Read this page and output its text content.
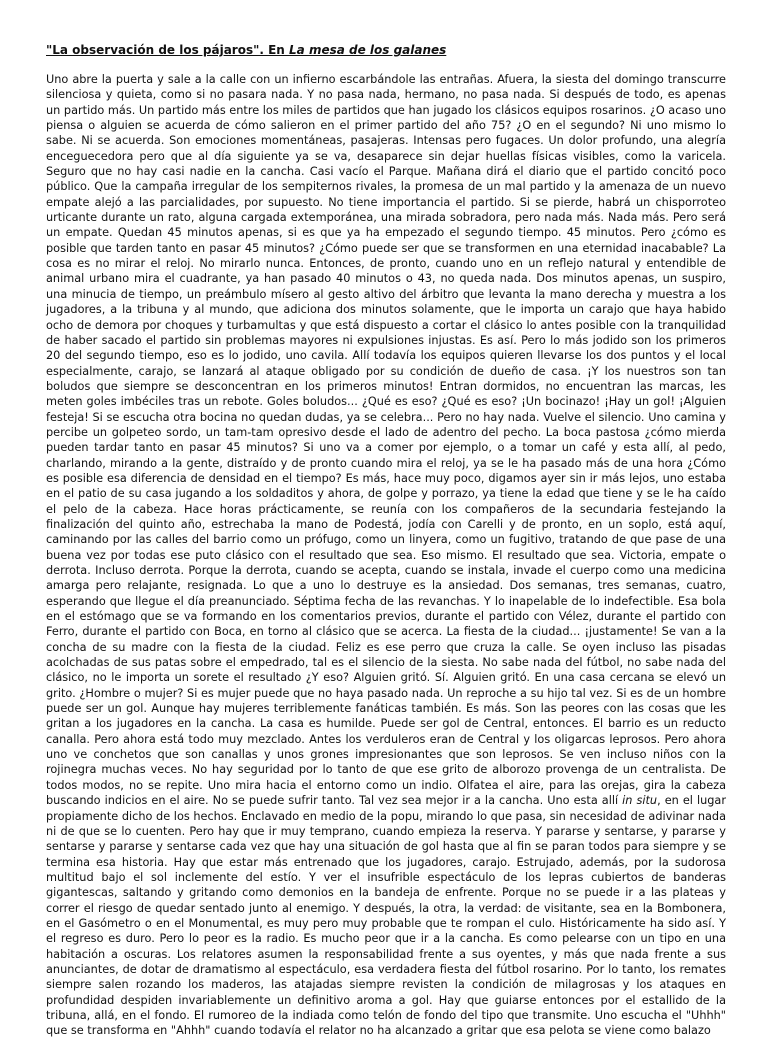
"La observación de los pájaros". En La mesa de los galanes

Uno abre la puerta y sale a la calle con un infierno escarbándole las entrañas. Afuera, la siesta del domingo transcurre silenciosa y quieta, como si no pasara nada. Y no pasa nada, hermano, no pasa nada. Si después de todo, es apenas un partido más. Un partido más entre los miles de partidos que han jugado los clásicos equipos rosarinos. ¿O acaso uno piensa o alguien se acuerda de cómo salieron en el primer partido del año 75? ¿O en el segundo? Ni uno mismo lo sabe. Ni se acuerda. Son emociones momentáneas, pasajeras. Intensas pero fugaces. Un dolor profundo, una alegría enceguecedora pero que al día siguiente ya se va, desaparece sin dejar huellas físicas visibles, como la varicela. Seguro que no hay casi nadie en la cancha. Casi vacío el Parque. Mañana dirá el diario que el partido concitó poco público. Que la campaña irregular de los sempiternos rivales, la promesa de un mal partido y la amenaza de un nuevo empate alejó a las parcialidades, por supuesto. No tiene importancia el partido. Si se pierde, habrá un chisporroteo urticante durante un rato, alguna cargada extemporánea, una mirada sobradora, pero nada más. Nada más. Pero será un empate. Quedan 45 minutos apenas, si es que ya ha empezado el segundo tiempo. 45 minutos. Pero ¿cómo es posible que tarden tanto en pasar 45 minutos? ¿Cómo puede ser que se transformen en una eternidad inacabable? La cosa es no mirar el reloj. No mirarlo nunca. Entonces, de pronto, cuando uno en un reflejo natural y entendible de animal urbano mira el cuadrante, ya han pasado 40 minutos o 43, no queda nada. Dos minutos apenas, un suspiro, una minucia de tiempo, un preámbulo mísero al gesto altivo del árbitro que levanta la mano derecha y muestra a los jugadores, a la tribuna y al mundo, que adiciona dos minutos solamente, que le importa un carajo que haya habido ocho de demora por choques y turbamultas y que está dispuesto a cortar el clásico lo antes posible con la tranquilidad de haber sacado el partido sin problemas mayores ni expulsiones injustas. Es así. Pero lo más jodido son los primeros 20 del segundo tiempo, eso es lo jodido, uno cavila. Allí todavía los equipos quieren llevarse los dos puntos y el local especialmente, carajo, se lanzará al ataque obligado por su condición de dueño de casa. ¡Y los nuestros son tan boludos que siempre se desconcentran en los primeros minutos! Entran dormidos, no encuentran las marcas, les meten goles imbéciles tras un rebote. Goles boludos... ¿Qué es eso? ¿Qué es eso? ¡Un bocinazo! ¡Hay un gol! ¡Alguien festeja! Si se escucha otra bocina no quedan dudas, ya se celebra... Pero no hay nada. Vuelve el silencio. Uno camina y percibe un golpeteo sordo, un tam-tam opresivo desde el lado de adentro del pecho. La boca pastosa ¿cómo mierda pueden tardar tanto en pasar 45 minutos? Si uno va a comer por ejemplo, o a tomar un café y esta allí, al pedo, charlando, mirando a la gente, distraído y de pronto cuando mira el reloj, ya se le ha pasado más de una hora ¿Cómo es posible esa diferencia de densidad en el tiempo? Es más, hace muy poco, digamos ayer sin ir más lejos, uno estaba en el patio de su casa jugando a los soldaditos y ahora, de golpe y porrazo, ya tiene la edad que tiene y se le ha caído el pelo de la cabeza. Hace horas prácticamente, se reunía con los compañeros de la secundaria festejando la finalización del quinto año, estrechaba la mano de Podestá, jodía con Carelli y de pronto, en un soplo, está aquí, caminando por las calles del barrio como un prófugo, como un linyera, como un fugitivo, tratando de que pase de una buena vez por todas ese puto clásico con el resultado que sea. Eso mismo. El resultado que sea. Victoria, empate o derrota. Incluso derrota. Porque la derrota, cuando se acepta, cuando se instala, invade el cuerpo como una medicina amarga pero relajante, resignada. Lo que a uno lo destruye es la ansiedad. Dos semanas, tres semanas, cuatro, esperando que llegue el día preanunciado. Séptima fecha de las revanchas. Y lo inapelable de lo indefectible. Esa bola en el estómago que se va formando en los comentarios previos, durante el partido con Vélez, durante el partido con Ferro, durante el partido con Boca, en torno al clásico que se acerca. La fiesta de la ciudad... ¡justamente! Se van a la concha de su madre con la fiesta de la ciudad. Feliz es ese perro que cruza la calle. Se oyen incluso las pisadas acolchadas de sus patas sobre el empedrado, tal es el silencio de la siesta. No sabe nada del fútbol, no sabe nada del clásico, no le importa un sorete el resultado ¿Y eso? Alguien gritó. Sí. Alguien gritó. En una casa cercana se elevó un grito. ¿Hombre o mujer? Si es mujer puede que no haya pasado nada. Un reproche a su hijo tal vez. Si es de un hombre puede ser un gol. Aunque hay mujeres terriblemente fanáticas también. Es más. Son las peores con las cosas que les gritan a los jugadores en la cancha. La casa es humilde. Puede ser gol de Central, entonces. El barrio es un reducto canalla. Pero ahora está todo muy mezclado. Antes los verduleros eran de Central y los oligarcas leprosos. Pero ahora uno ve conchetos que son canallas y unos grones impresionantes que son leprosos. Se ven incluso niños con la rojinegra muchas veces. No hay seguridad por lo tanto de que ese grito de alborozo provenga de un centralista. De todos modos, no se repite. Uno mira hacia el entorno como un indio. Olfatea el aire, para las orejas, gira la cabeza buscando indicios en el aire. No se puede sufrir tanto. Tal vez sea mejor ir a la cancha. Uno esta allí in situ, en el lugar propiamente dicho de los hechos. Enclavado en medio de la popu, mirando lo que pasa, sin necesidad de adivinar nada ni de que se lo cuenten. Pero hay que ir muy temprano, cuando empieza la reserva. Y pararse y sentarse, y pararse y sentarse y pararse y sentarse cada vez que hay una situación de gol hasta que al fin se paran todos para siempre y se termina esa historia. Hay que estar más entrenado que los jugadores, carajo. Estrujado, además, por la sudorosa multitud bajo el sol inclemente del estío. Y ver el insufrible espectáculo de los lepras cubiertos de banderas gigantescas, saltando y gritando como demonios en la bandeja de enfrente. Porque no se puede ir a las plateas y correr el riesgo de quedar sentado junto al enemigo. Y después, la otra, la verdad: de visitante, sea en la Bombonera, en el Gasómetro o en el Monumental, es muy pero muy probable que te rompan el culo. Históricamente ha sido así. Y el regreso es duro. Pero lo peor es la radio. Es mucho peor que ir a la cancha. Es como pelearse con un tipo en una habitación a oscuras. Los relatores asumen la responsabilidad frente a sus oyentes, y más que nada frente a sus anunciantes, de dotar de dramatismo al espectáculo, esa verdadera fiesta del fútbol rosarino. Por lo tanto, los remates siempre salen rozando los maderos, las atajadas siempre revisten la condición de milagrosas y los ataques en profundidad despiden invariablemente un definitivo aroma a gol. Hay que guiarse entonces por el estallido de la tribuna, allá, en el fondo. El rumoreo de la indiada como telón de fondo del tipo que transmite. Uno escucha el "Uhhh" que se transforma en "Ahhh" cuando todavía el relator no ha alcanzado a gritar que esa pelota se viene como balazo
